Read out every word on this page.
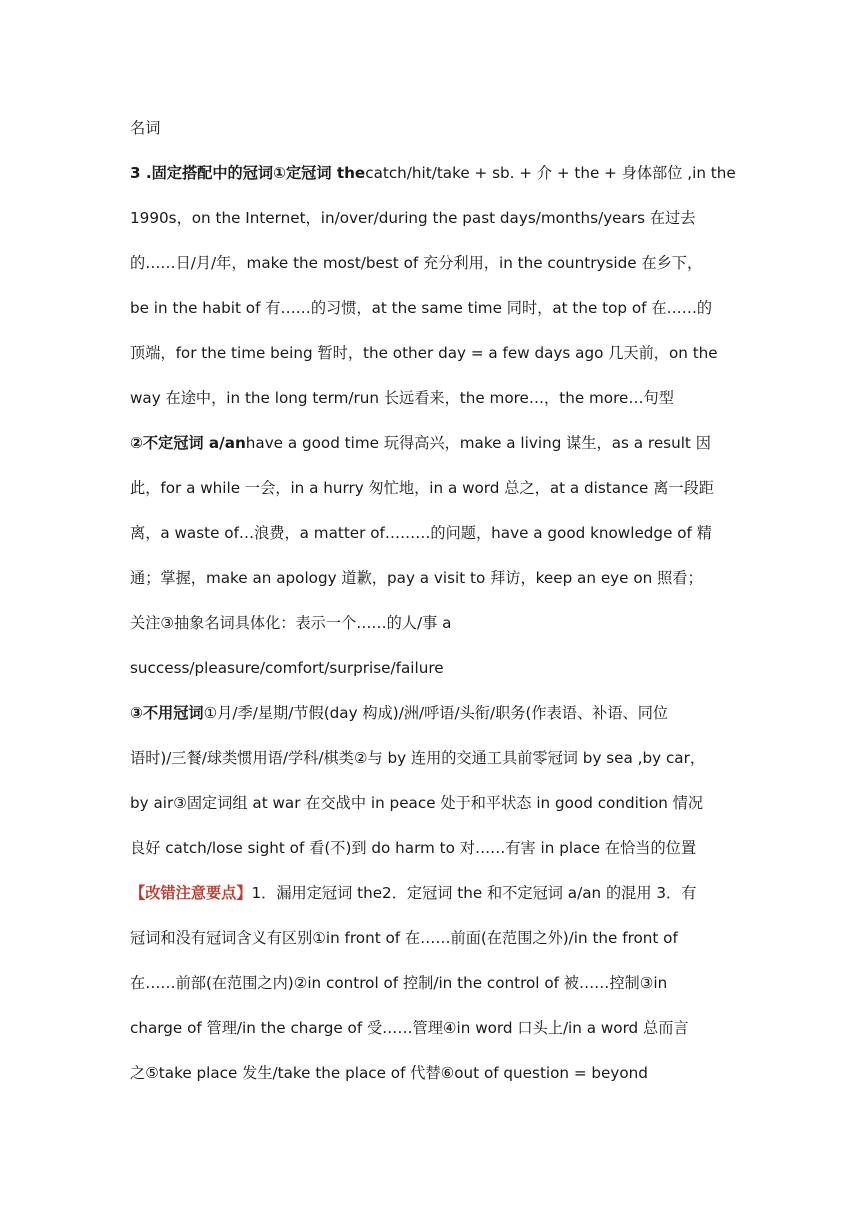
名词
3 .固定搭配中的冠词①定冠词 thecatch/hit/take + sb. + 介 + the + 身体部位 ,in the
1990s，on the Internet，in/over/during the past days/months/years 在过去
的……日/月/年，make the most/best of 充分利用，in the countryside 在乡下，
be in the habit of 有……的习惯，at the same time 同时，at the top of 在……的
顶端，for the time being 暂时，the other day = a few days ago 几天前，on the
way 在途中，in the long term/run 长远看来，the more…，the more…句型
②不定冠词 a/anhave a good time 玩得高兴，make a living 谋生，as a result 因
此，for a while 一会，in a hurry 匆忙地，in a word 总之，at a distance 离一段距
离，a waste of…浪费，a matter of………的问题，have a good knowledge of 精
通；掌握，make an apology 道歉，pay a visit to 拜访，keep an eye on 照看；
关注③抽象名词具体化：表示一个……的人/事 a
success/pleasure/comfort/surprise/failure
③不用冠词①月/季/星期/节假(day 构成)/洲/呼语/头衔/职务(作表语、补语、同位
语时)/三餐/球类惯用语/学科/棋类②与 by 连用的交通工具前零冠词 by sea ,by car，
by air③固定词组 at war 在交战中 in peace 处于和平状态 in good condition 情况
良好 catch/lose sight of 看(不)到 do harm to 对……有害 in place 在恰当的位置
【改错注意要点】1．漏用定冠词 the2．定冠词 the 和不定冠词 a/an 的混用 3．有
冠词和没有冠词含义有区别①in front of 在……前面(在范围之外)/in the front of
在……前部(在范围之内)②in control of 控制/in the control of 被……控制③in
charge of 管理/in the charge of 受……管理④in word 口头上/in a word 总而言
之⑤take place 发生/take the place of 代替⑥out of question = beyond
